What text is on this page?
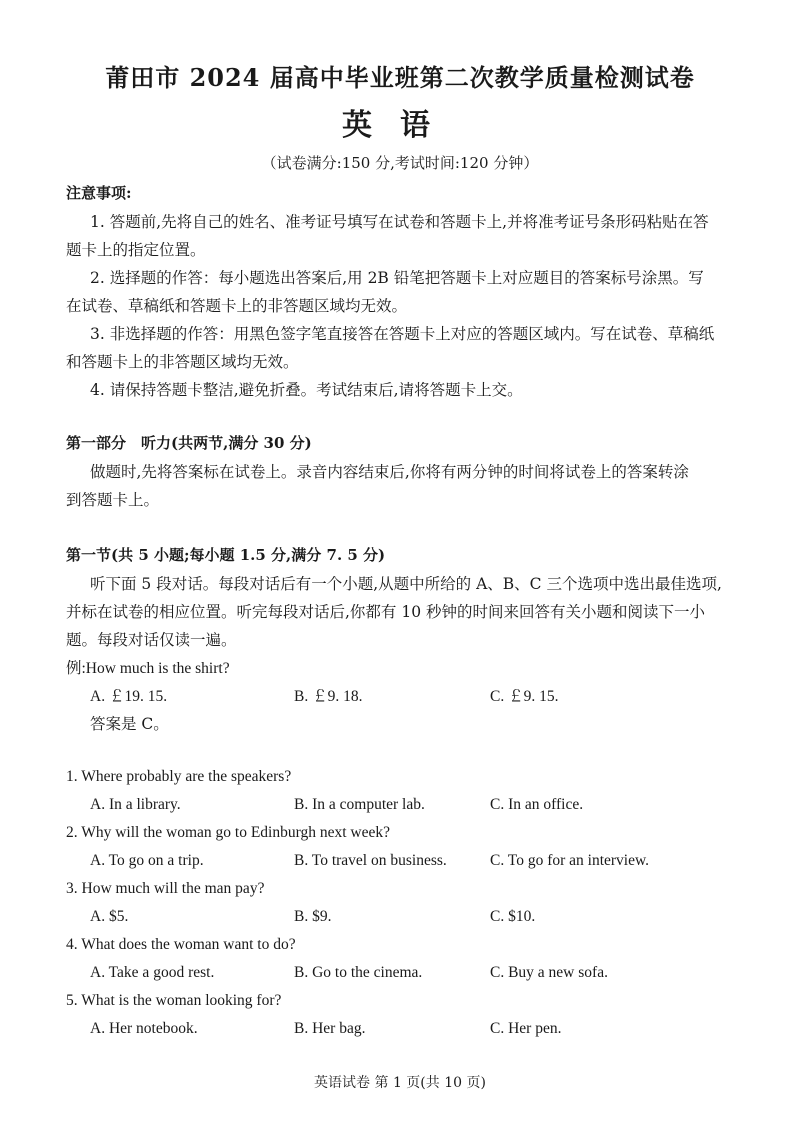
莆田市 2024 届高中毕业班第二次教学质量检测试卷
英语
（试卷满分:150 分,考试时间:120 分钟）
注意事项:
1. 答题前,先将自己的姓名、准考证号填写在试卷和答题卡上,并将准考证号条形码粘贴在答
题卡上的指定位置。
2. 选择题的作答：每小题选出答案后,用 2B 铅笔把答题卡上对应题目的答案标号涂黑。写
在试卷、草稿纸和答题卡上的非答题区域均无效。
3. 非选择题的作答：用黑色签字笔直接答在答题卡上对应的答题区域内。写在试卷、草稿纸
和答题卡上的非答题区域均无效。
4. 请保持答题卡整洁,避免折叠。考试结束后,请将答题卡上交。
第一部分　听力(共两节,满分 30 分)
做题时,先将答案标在试卷上。录音内容结束后,你将有两分钟的时间将试卷上的答案转涂
到答题卡上。
第一节(共 5 小题;每小题 1.5 分,满分 7. 5 分)
听下面 5 段对话。每段对话后有一个小题,从题中所给的 A、B、C 三个选项中选出最佳选项,
并标在试卷的相应位置。听完每段对话后,你都有 10 秒钟的时间来回答有关小题和阅读下一小
题。每段对话仅读一遍。
例:How much is the shirt?
A. ￡19. 15.	B. ￡9. 18.	C. ￡9. 15.
答案是 C。
1. Where probably are the speakers?
A. In a library.	B. In a computer lab.	C. In an office.
2. Why will the woman go to Edinburgh next week?
A. To go on a trip.	B. To travel on business.	C. To go for an interview.
3. How much will the man pay?
A. $5.	B. $9.	C. $10.
4. What does the woman want to do?
A. Take a good rest.	B. Go to the cinema.	C. Buy a new sofa.
5. What is the woman looking for?
A. Her notebook.	B. Her bag.	C. Her pen.
英语试卷 第 1 页(共 10 页)
